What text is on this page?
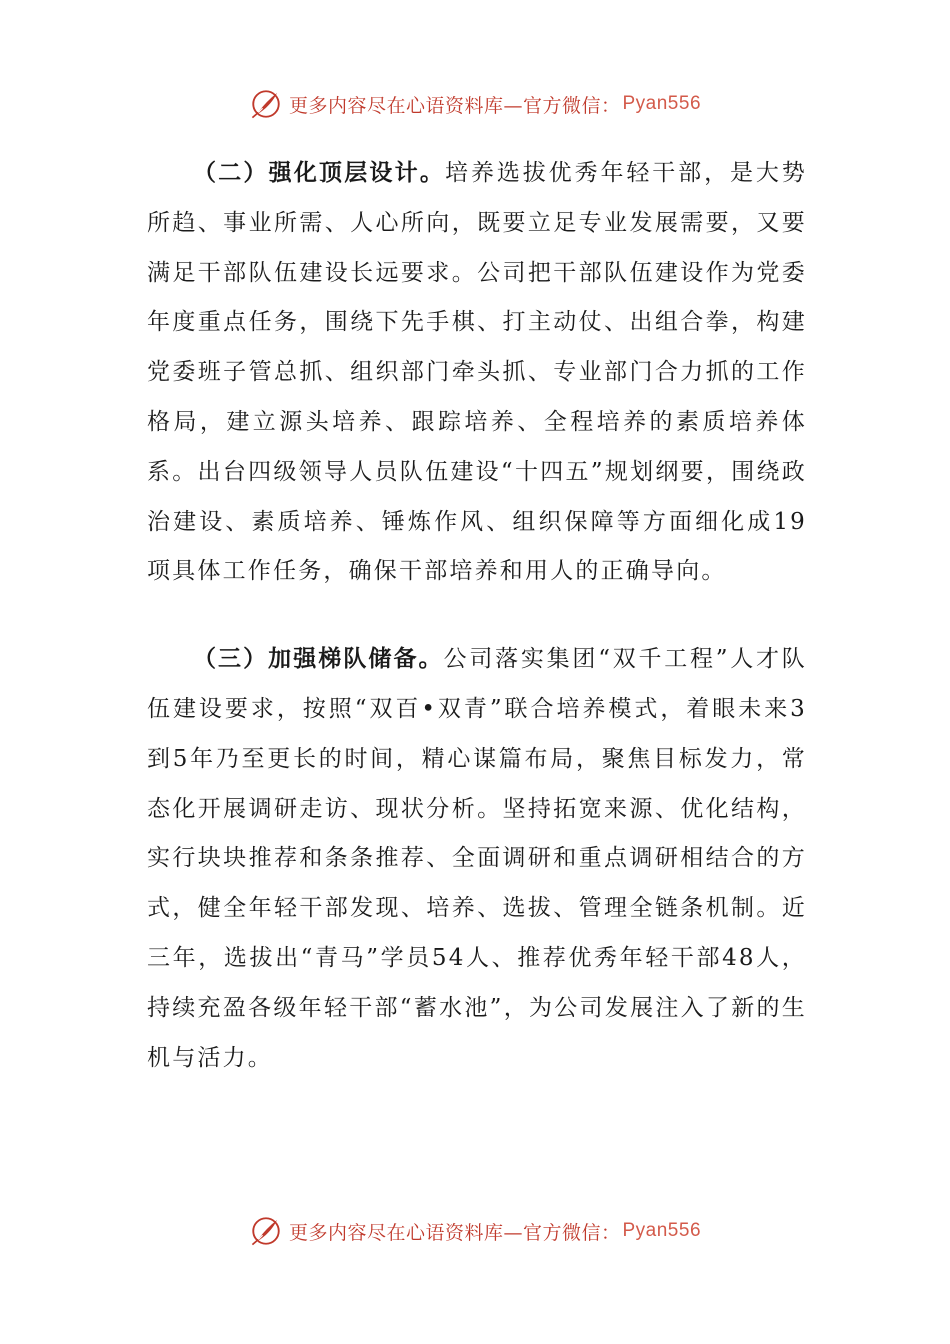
更多内容尽在心语资料库—官方微信： Pyan556

（二）强化顶层设计。培养选拔优秀年轻干部，是大势所趋、事业所需、人心所向，既要立足专业发展需要，又要满足干部队伍建设长远要求。公司把干部队伍建设作为党委年度重点任务，围绕下先手棋、打主动仗、出组合拳，构建党委班子管总抓、组织部门牵头抓、专业部门合力抓的工作格局，建立源头培养、跟踪培养、全程培养的素质培养体系。出台四级领导人员队伍建设“十四五”规划纲要，围绕政治建设、素质培养、锤炼作风、组织保障等方面细化成19项具体工作任务，确保干部培养和用人的正确导向。

（三）加强梯队储备。公司落实集团“双千工程”人才队伍建设要求，按照“双百•双青”联合培养模式，着眼未来3到5年乃至更长的时间，精心谋篇布局，聚焦目标发力，常态化开展调研走访、现状分析。坚持拓宽来源、优化结构，实行块块推荐和条条推荐、全面调研和重点调研相结合的方式，健全年轻干部发现、培养、选拔、管理全链条机制。近三年，选拔出“青马”学员54人、推荐优秀年轻干部48人，持续充盈各级年轻干部“蓄水池”，为公司发展注入了新的生机与活力。

更多内容尽在心语资料库—官方微信： Pyan556
